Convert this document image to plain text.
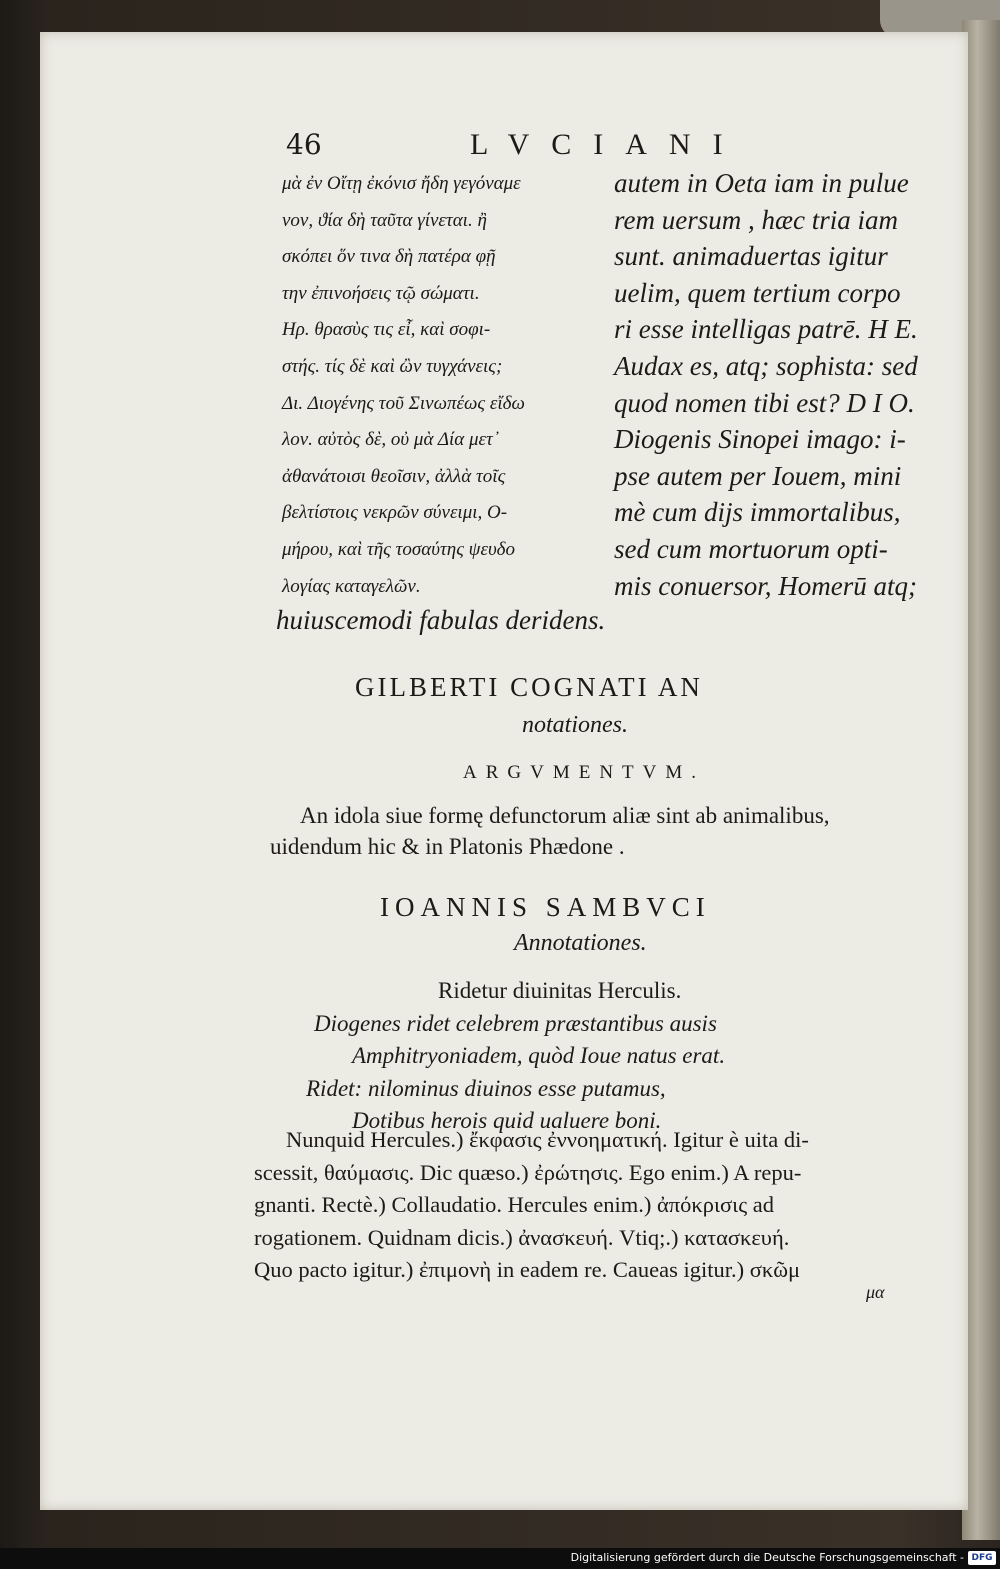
46	LVCIANI
μὰ ἐν Οἴτῃ ἐκόνισ ἤδη γεγόναμε
νον, ϑία δὴ ταῦτα γίνεται. ἢ
σκόπει ὅν τινα δὴ πατέρα φῇ
την ἐπινοήσεις τῷ σώματι.
Ηρ. θρασὺς τις εἶ, καὶ σοφι-
στής. τίς δὲ καὶ ὢν τυγχάνεις;
Δι. Διογένης τοῦ Σινωπέως εἴδω
λον. αὐτὸς δὲ, οὐ μὰ Δία μετ᾽
ἀθανάτοισι θεοῖσιν, ἀλλὰ τοῖς
βελτίστοις νεκρῶν σύνειμι, Ο-
μήρου, καὶ τῆς τοσαύτης ψευδο
λογίας καταγελῶν.
autem in Oeta iam in pulue
rem uersum , hæc tria iam
sunt. animaduertas igitur
uelim, quem tertium corpo
ri esse intelligas patrē. H E.
Audax es, atq; sophista: sed
quod nomen tibi est? D I O.
Diogenis Sinopei imago: i-
pse autem per Iouem, mini
mè cum dijs immortalibus,
sed cum mortuorum opti-
mis conuersor, Homerū atq;
huiuscemodi fabulas deridens.
GILBERTI COGNATI AN
notationes.
ARGVMENTVM.
An idola siue formę defunctorum aliæ sint ab animalibus,
uidendum hic & in Platonis Phædone .
IOANNIS SAMBVCI
Annotationes.
Ridetur diuinitas Herculis.
Diogenes ridet celebrem præstantibus ausis
Amphitryoniadem, quòd Ioue natus erat.
Ridet: nilominus diuinos esse putamus,
Dotibus herois quid ualuere boni.
Nunquid Hercules.) ἔκφασις ἐννοηματική. Igitur è uita di-
scessit, θαύμασις. Dic quæso.) ἐρώτησις. Ego enim.) A repu-
gnanti. Rectè.) Collaudatio. Hercules enim.) ἀπόκρισις ad
rogationem. Quidnam dicis.) ἀνασκευή. Vtiq;.) κατασκευή.
Quo pacto igitur.) ἐπιμονὴ in eadem re. Caueas igitur.) σκῶμ
μα
Digitalisierung gefördert durch die Deutsche Forschungsgemeinschaft - DFG
